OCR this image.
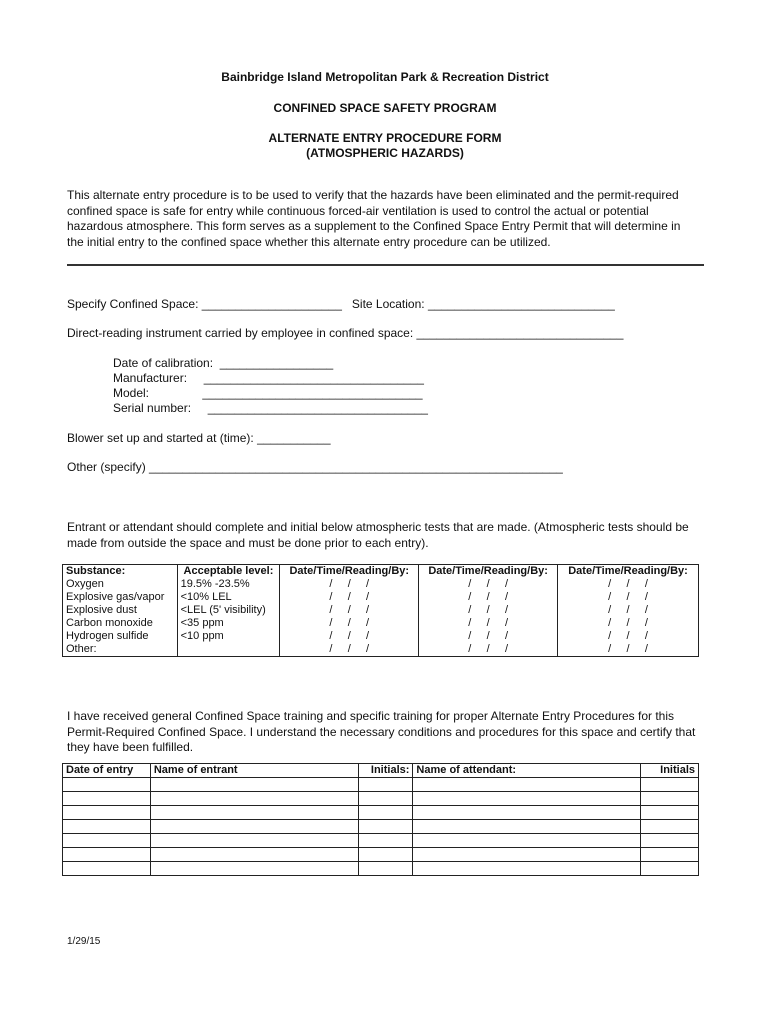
Bainbridge Island Metropolitan Park & Recreation District
CONFINED SPACE SAFETY PROGRAM
ALTERNATE ENTRY PROCEDURE FORM
(ATMOSPHERIC HAZARDS)
This alternate entry procedure is to be used to verify that the hazards have been eliminated and the permit-required confined space is safe for entry while continuous forced-air ventilation is used to control the actual or potential hazardous atmosphere. This form serves as a supplement to the Confined Space Entry Permit that will determine in the initial entry to the confined space whether this alternate entry procedure can be utilized.
Specify Confined Space: _____________________   Site Location: ____________________________
Direct-reading instrument carried by employee in confined space: _______________________________
Date of calibration:  _________________
Manufacturer:     _________________________________
Model:                _________________________________
Serial number:     _________________________________
Blower set up and started at (time): ___________
Other (specify) ______________________________________________________________
Entrant or attendant should complete and initial below atmospheric tests that are made. (Atmospheric tests should be made from outside the space and must be done prior to each entry).
Substance:	Acceptable level:	Date/Time/Reading/By:	Date/Time/Reading/By:	Date/Time/Reading/By:
Oxygen	19.5% -23.5%	/     /     /	/     /     /	/     /     /
Explosive gas/vapor	<10% LEL	/     /     /	/     /     /	/     /     /
Explosive dust	<LEL (5' visibility)	/     /     /	/     /     /	/     /     /
Carbon monoxide	<35 ppm	/     /     /	/     /     /	/     /     /
Hydrogen sulfide	<10 ppm	/     /     /	/     /     /	/     /     /
Other:		/     /     /	/     /     /	/     /     /
I have received general Confined Space training and specific training for proper Alternate Entry Procedures for this Permit-Required Confined Space. I understand the necessary conditions and procedures for this space and certify that they have been fulfilled.
Date of entry	Name of entrant	Initials:	Name of attendant:	Initials

1/29/15
